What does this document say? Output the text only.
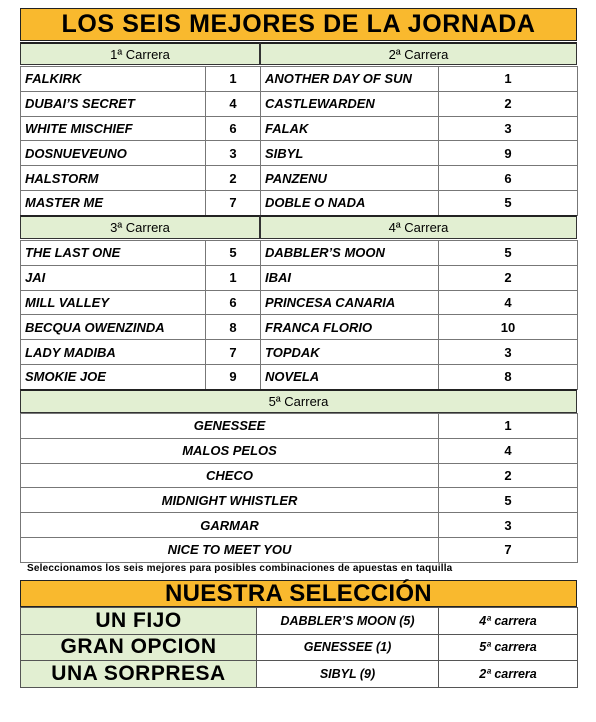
LOS SEIS MEJORES DE LA JORNADA
1ª Carrera
FALKIRK	1
DUBAI’S SECRET	4
WHITE MISCHIEF	6
DOSNUEVEUNO	3
HALSTORM	2
MASTER ME	7
2ª Carrera
ANOTHER DAY OF SUN	1
CASTLEWARDEN	2
FALAK	3
SIBYL	9
PANZENU	6
DOBLE O NADA	5
3ª Carrera
THE LAST ONE	5
JAI	1
MILL VALLEY	6
BECQUA OWENZINDA	8
LADY MADIBA	7
SMOKIE JOE	9
4ª Carrera
DABBLER’S MOON	5
IBAI	2
PRINCESA CANARIA	4
FRANCA FLORIO	10
TOPDAK	3
NOVELA	8
5ª Carrera
GENESSEE	1
MALOS PELOS	4
CHECO	2
MIDNIGHT WHISTLER	5
GARMAR	3
NICE TO MEET YOU	7
Seleccionamos los seis mejores para posibles combinaciones de apuestas en taquilla
NUESTRA SELECCIÓN
UN FIJO	DABBLER’S MOON (5)	4ª carrera
GRAN OPCION	GENESSEE (1)	5ª carrera
UNA SORPRESA	SIBYL (9)	2ª carrera
